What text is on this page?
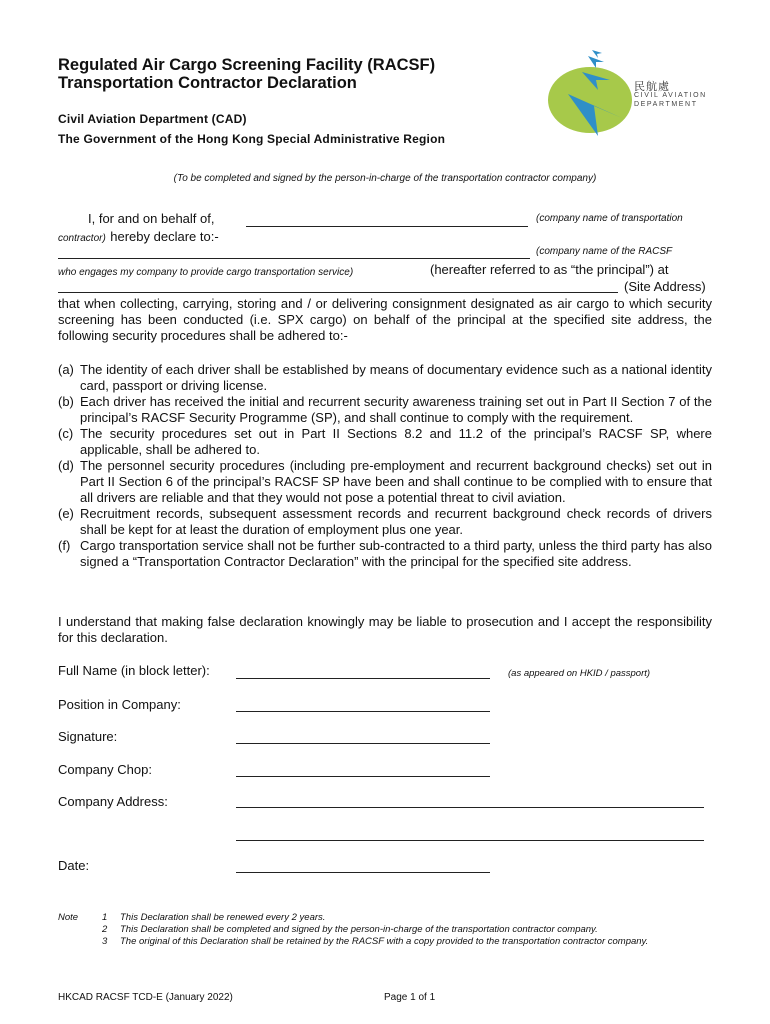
Regulated Air Cargo Screening Facility (RACSF)
Transportation Contractor Declaration	民航處
CIVIL AVIATION
DEPARTMENT
Civil Aviation Department (CAD)
The Government of the Hong Kong Special Administrative Region
(To be completed and signed by the person-in-charge of the transportation contractor company)
I, for and on behalf of,	(company name of transportation
contractor) hereby declare to:-
(company name of the RACSF
who engages my company to provide cargo transportation service)	(hereafter referred to as “the principal”) at
(Site Address)
that when collecting, carrying, storing and / or delivering consignment designated as air cargo to which security screening has been conducted (i.e. SPX cargo) on behalf of the principal at the specified site address, the following security procedures shall be adhered to:-
(a) The identity of each driver shall be established by means of documentary evidence such as a national identity card, passport or driving license.
(b) Each driver has received the initial and recurrent security awareness training set out in Part II Section 7 of the principal’s RACSF Security Programme (SP), and shall continue to comply with the requirement.
(c) The security procedures set out in Part II Sections 8.2 and 11.2 of the principal’s RACSF SP, where applicable, shall be adhered to.
(d) The personnel security procedures (including pre-employment and recurrent background checks) set out in Part II Section 6 of the principal’s RACSF SP have been and shall continue to be complied with to ensure that all drivers are reliable and that they would not pose a potential threat to civil aviation.
(e) Recruitment records, subsequent assessment records and recurrent background check records of drivers shall be kept for at least the duration of employment plus one year.
(f) Cargo transportation service shall not be further sub-contracted to a third party, unless the third party has also signed a “Transportation Contractor Declaration” with the principal for the specified site address.
I understand that making false declaration knowingly may be liable to prosecution and I accept the responsibility for this declaration.
Full Name (in block letter):	(as appeared on HKID / passport)
Position in Company:
Signature:
Company Chop:
Company Address:
Date:
Note	1	This Declaration shall be renewed every 2 years.
2	This Declaration shall be completed and signed by the person-in-charge of the transportation contractor company.
3	The original of this Declaration shall be retained by the RACSF with a copy provided to the transportation contractor company.
HKCAD RACSF TCD-E (January 2022)	Page 1 of 1
